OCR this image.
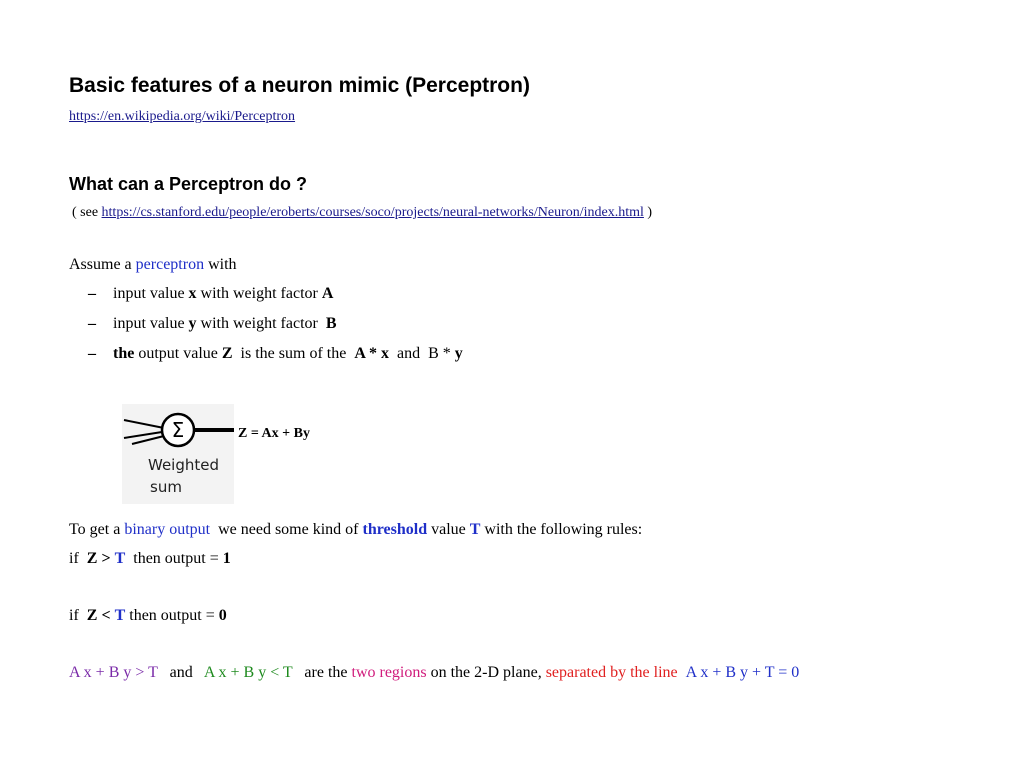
Basic features of a neuron mimic (Perceptron)
https://en.wikipedia.org/wiki/Perceptron
What can a Perceptron do ?
( see https://cs.stanford.edu/people/eroberts/courses/soco/projects/neural-networks/Neuron/index.html )
Assume a perceptron with
– input value x with weight factor A
– input value y with weight factor  B
– the output value Z  is the sum of the  A * x  and  B * y
Σ
Weighted
sum
Z = Ax + By
To get a binary output  we need some kind of threshold value T with the following rules:
if  Z > T  then output = 1
if  Z < T then output = 0
A x + B y > T and A x + B y < T are the two regions on the 2-D plane, separated by the line A x + B y + T = 0
